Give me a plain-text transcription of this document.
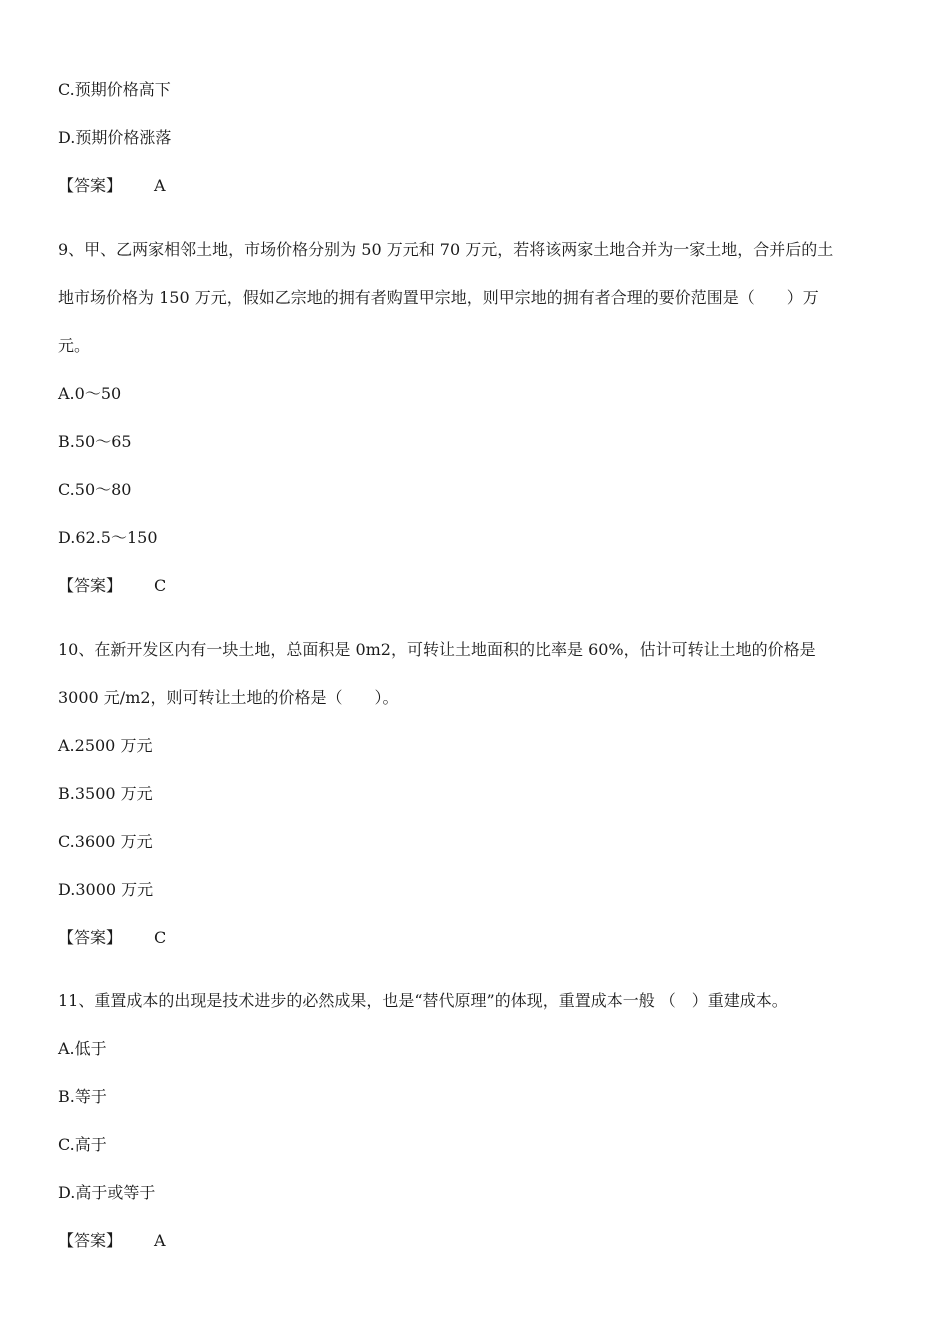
C.预期价格高下
D.预期价格涨落
【答案】 A
9、甲、乙两家相邻土地，市场价格分别为 50 万元和 70 万元，若将该两家土地合并为一家土地，合并后的土
地市场价格为 150 万元，假如乙宗地的拥有者购置甲宗地，则甲宗地的拥有者合理的要价范围是（　　）万
元。
A.0～50
B.50～65
C.50～80
D.62.5～150
【答案】 C
10、在新开发区内有一块土地，总面积是 0m2，可转让土地面积的比率是 60%，估计可转让土地的价格是
3000 元/m2，则可转让土地的价格是（　　）。
A.2500 万元
B.3500 万元
C.3600 万元
D.3000 万元
【答案】 C
11、重置成本的出现是技术进步的必然成果，也是“替代原理”的体现，重置成本一般 （　）重建成本。
A.低于
B.等于
C.高于
D.高于或等于
【答案】 A
